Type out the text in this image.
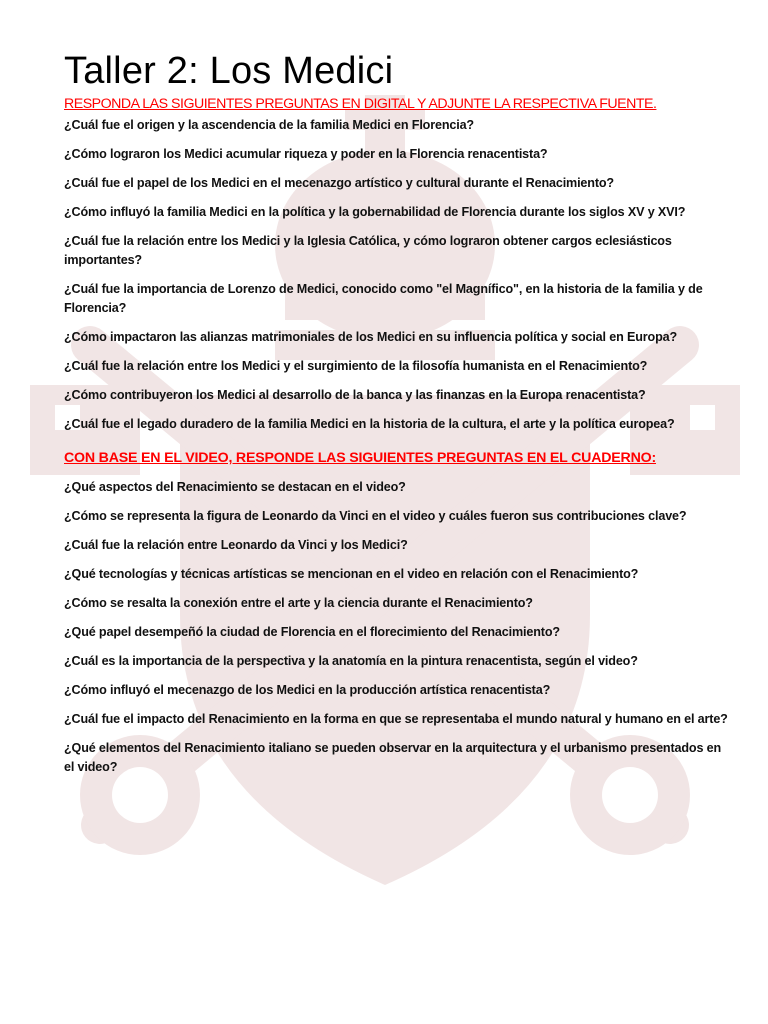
Taller 2: Los Medici
RESPONDA LAS SIGUIENTES PREGUNTAS EN DIGITAL Y ADJUNTE LA RESPECTIVA FUENTE.

¿Cuál fue el origen y la ascendencia de la familia Medici en Florencia?

¿Cómo lograron los Medici acumular riqueza y poder en la Florencia renacentista?

¿Cuál fue el papel de los Medici en el mecenazgo artístico y cultural durante el Renacimiento?

¿Cómo influyó la familia Medici en la política y la gobernabilidad de Florencia durante los siglos XV y XVI?

¿Cuál fue la relación entre los Medici y la Iglesia Católica, y cómo lograron obtener cargos eclesiásticos importantes?

¿Cuál fue la importancia de Lorenzo de Medici, conocido como "el Magnífico", en la historia de la familia y de Florencia?

¿Cómo impactaron las alianzas matrimoniales de los Medici en su influencia política y social en Europa?

¿Cuál fue la relación entre los Medici y el surgimiento de la filosofía humanista en el Renacimiento?

¿Cómo contribuyeron los Medici al desarrollo de la banca y las finanzas en la Europa renacentista?

¿Cuál fue el legado duradero de la familia Medici en la historia de la cultura, el arte y la política europea?

CON BASE EN EL VIDEO, RESPONDE LAS SIGUIENTES PREGUNTAS EN EL CUADERNO:

¿Qué aspectos del Renacimiento se destacan en el video?

¿Cómo se representa la figura de Leonardo da Vinci en el video y cuáles fueron sus contribuciones clave?

¿Cuál fue la relación entre Leonardo da Vinci y los Medici?

¿Qué tecnologías y técnicas artísticas se mencionan en el video en relación con el Renacimiento?

¿Cómo se resalta la conexión entre el arte y la ciencia durante el Renacimiento?

¿Qué papel desempeñó la ciudad de Florencia en el florecimiento del Renacimiento?

¿Cuál es la importancia de la perspectiva y la anatomía en la pintura renacentista, según el video?

¿Cómo influyó el mecenazgo de los Medici en la producción artística renacentista?

¿Cuál fue el impacto del Renacimiento en la forma en que se representaba el mundo natural y humano en el arte?

¿Qué elementos del Renacimiento italiano se pueden observar en la arquitectura y el urbanismo presentados en el video?
